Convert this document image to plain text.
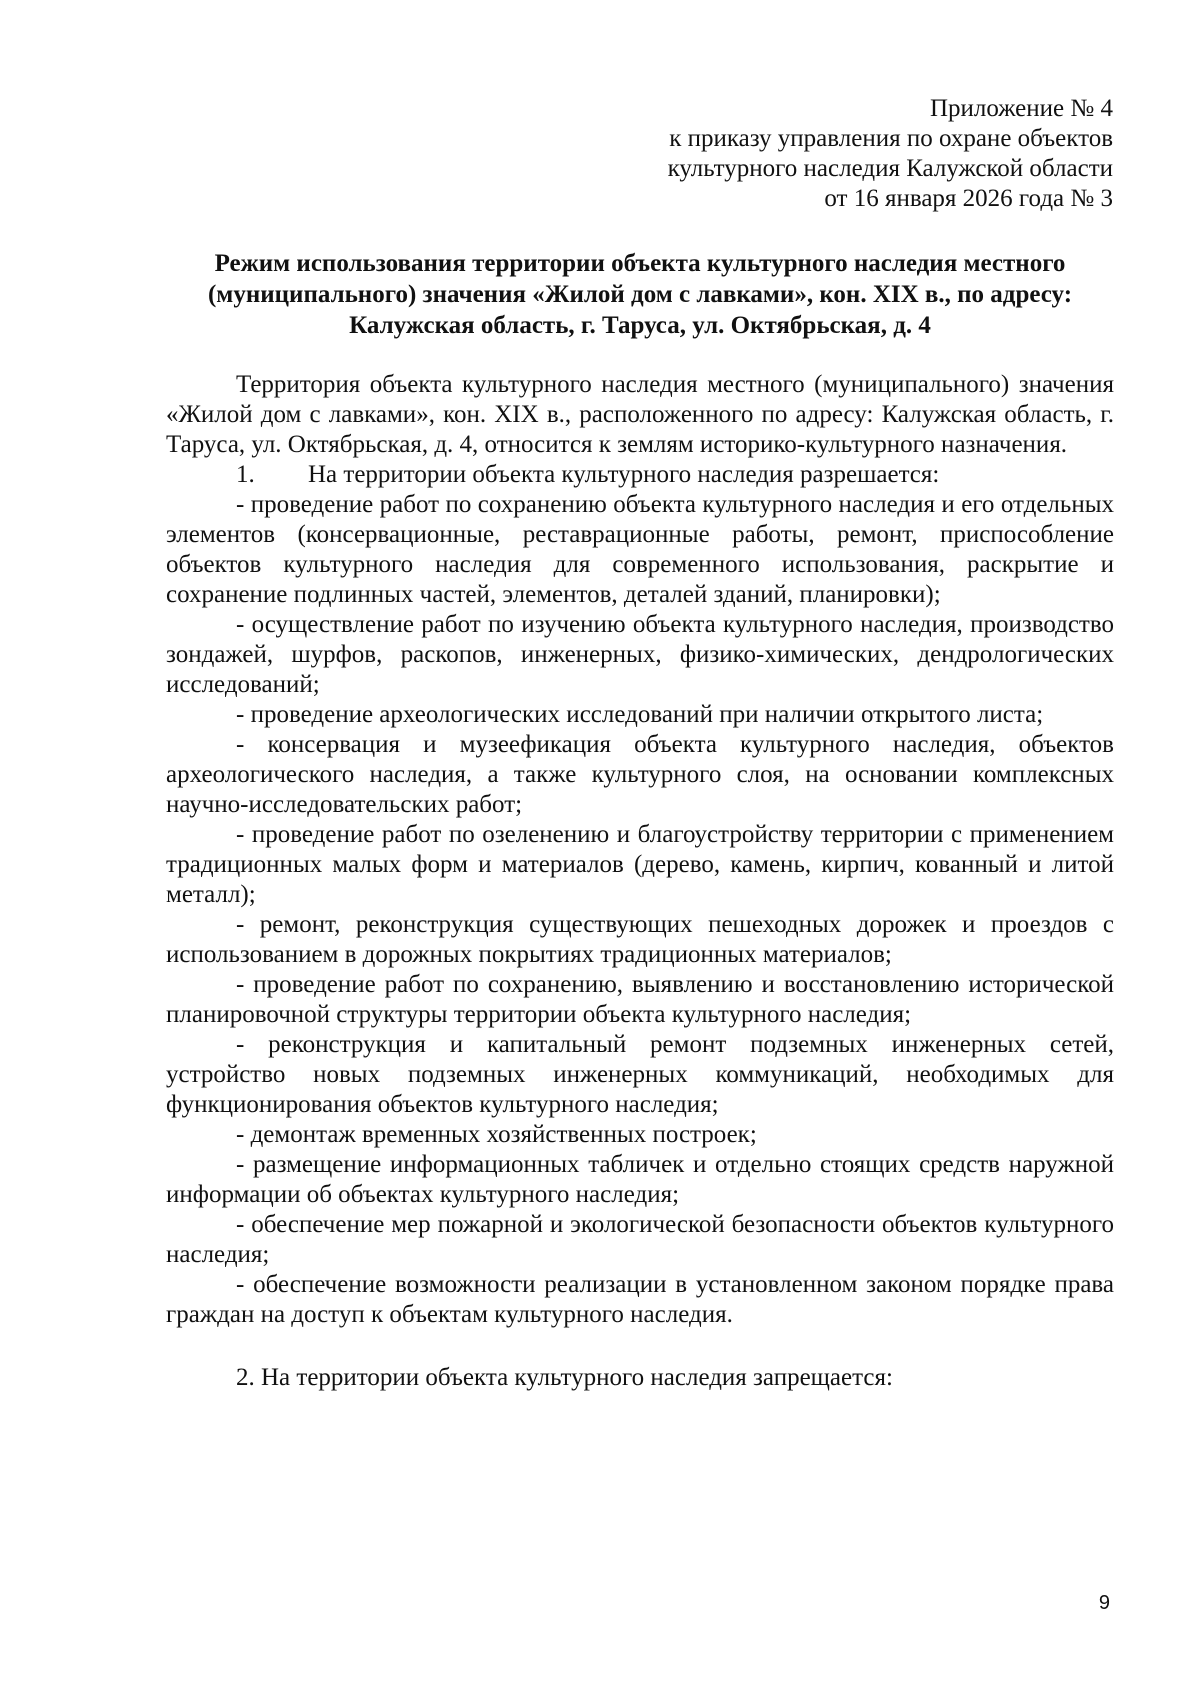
Приложение № 4
к приказу управления по охране объектов
культурного наследия Калужской области
от 16 января 2026 года № 3
Режим использования территории объекта культурного наследия местного
(муниципального) значения «Жилой дом с лавками», кон. XIX в., по адресу:
Калужская область, г. Таруса, ул. Октябрьская, д. 4

Территория объекта культурного наследия местного (муниципального) значения «Жилой дом с лавками», кон. XIX в., расположенного по адресу: Калужская область, г. Таруса, ул. Октябрьская, д. 4, относится к землям историко-культурного назначения.

1. На территории объекта культурного наследия разрешается:

- проведение работ по сохранению объекта культурного наследия и его отдельных элементов (консервационные, реставрационные работы, ремонт, приспособление объектов культурного наследия для современного использования, раскрытие и сохранение подлинных частей, элементов, деталей зданий, планировки);

- осуществление работ по изучению объекта культурного наследия, производство зондажей, шурфов, раскопов, инженерных, физико-химических, дендрологических исследований;

- проведение археологических исследований при наличии открытого листа;

- консервация и музеефикация объекта культурного наследия, объектов археологического наследия, а также культурного слоя, на основании комплексных научно-исследовательских работ;

- проведение работ по озеленению и благоустройству территории с применением традиционных малых форм и материалов (дерево, камень, кирпич, кованный и литой металл);

- ремонт, реконструкция существующих пешеходных дорожек и проездов с использованием в дорожных покрытиях традиционных материалов;

- проведение работ по сохранению, выявлению и восстановлению исторической планировочной структуры территории объекта культурного наследия;

- реконструкция и капитальный ремонт подземных инженерных сетей, устройство новых подземных инженерных коммуникаций, необходимых для функционирования объектов культурного наследия;

- демонтаж временных хозяйственных построек;

- размещение информационных табличек и отдельно стоящих средств наружной информации об объектах культурного наследия;

- обеспечение мер пожарной и экологической безопасности объектов культурного наследия;

- обеспечение возможности реализации в установленном законом порядке права граждан на доступ к объектам культурного наследия.

2. На территории объекта культурного наследия запрещается:

9
